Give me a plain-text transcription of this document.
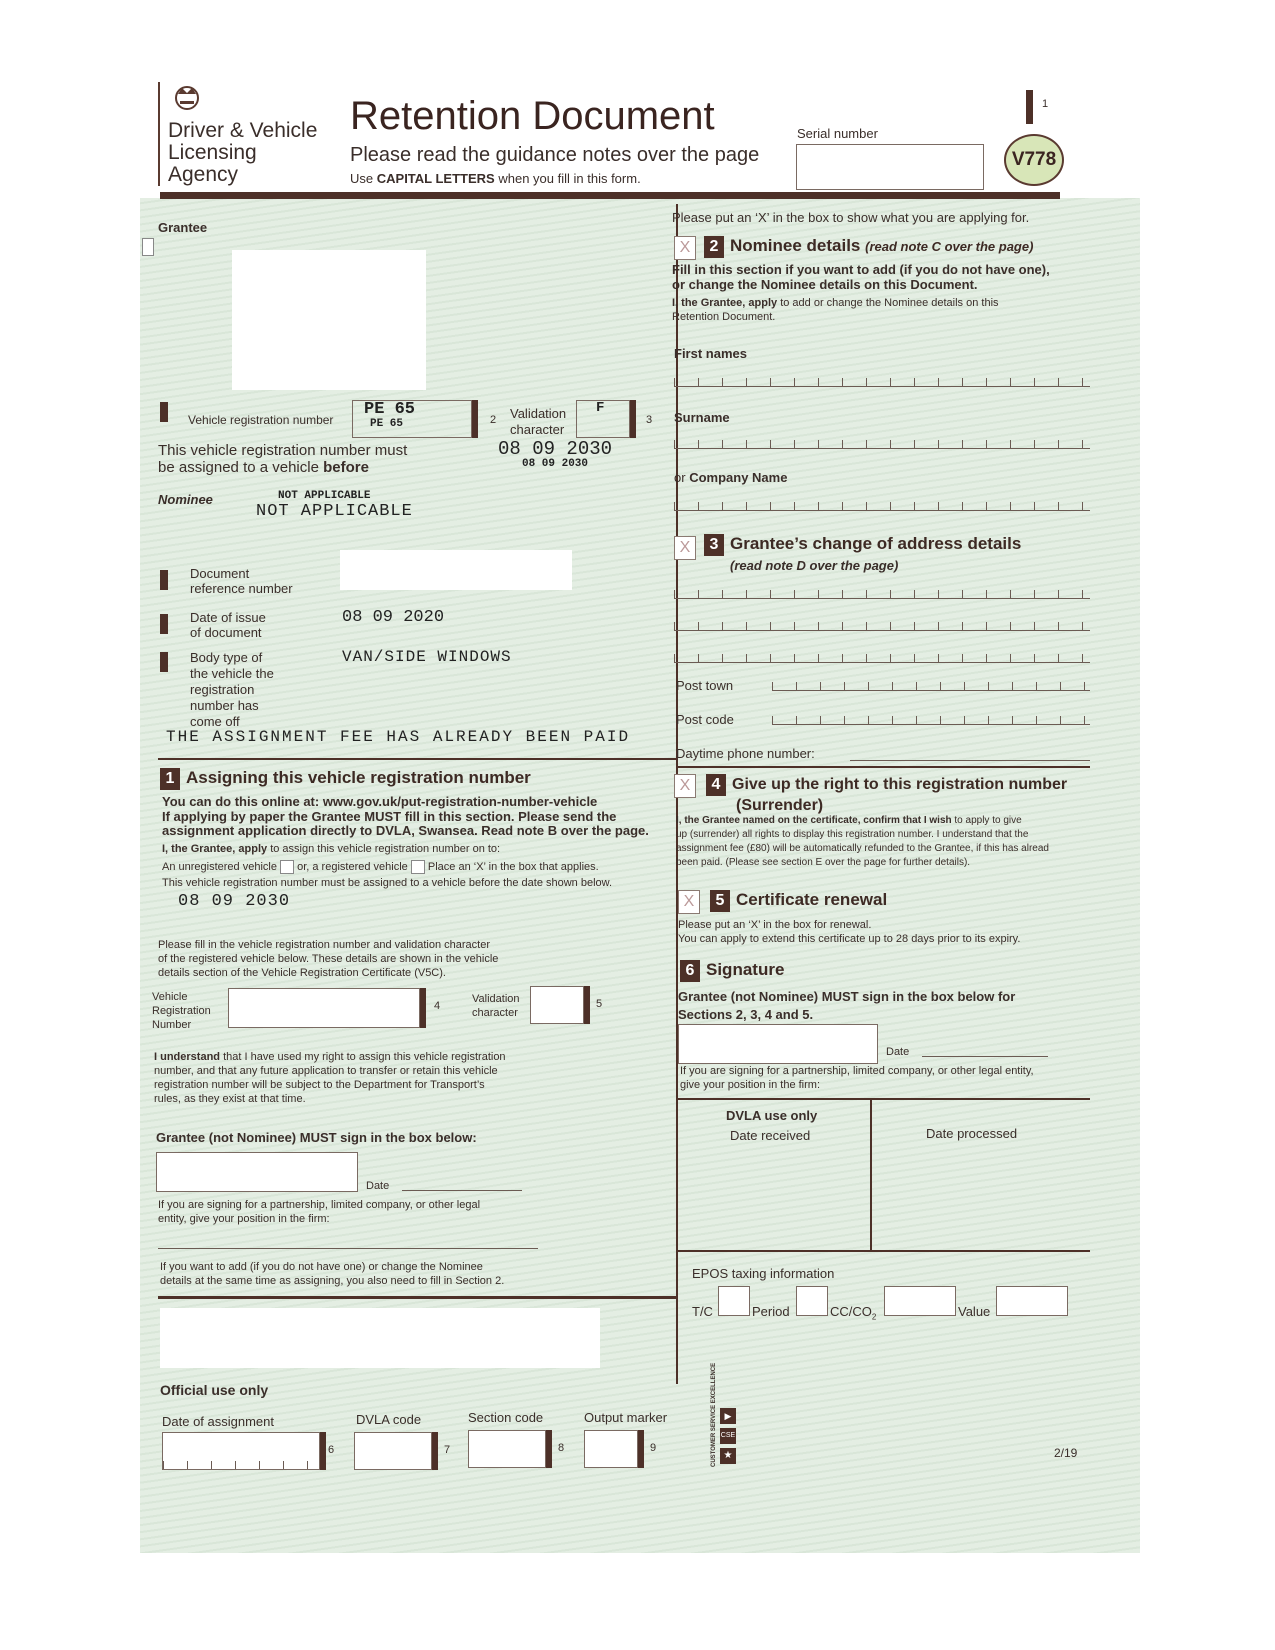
Driver & Vehicle
Licensing
Agency
Retention Document
Please read the guidance notes over the page
Use CAPITAL LETTERS when you fill in this form.
Serial number
1
V778
Grantee
Vehicle registration number
PE 65
PE 65	2 Validation
character
F
3
This vehicle registration number must
be assigned to a vehicle before
08 09 2030
08 09 2030
Nominee	NOT APPLICABLE
NOT APPLICABLE
Document
reference number
Date of issue
of document
08 09 2020
Body type of
the vehicle the
registration
number has
come off
VAN/SIDE WINDOWS
THE ASSIGNMENT FEE HAS ALREADY BEEN PAID
1 Assigning this vehicle registration number
You can do this online at: www.gov.uk/put-registration-number-vehicle
If applying by paper the Grantee MUST fill in this section. Please send the
assignment application directly to DVLA, Swansea. Read note B over the page.
I, the Grantee, apply to assign this vehicle registration number on to:
An unregistered vehicle or, a registered vehicle Place an ‘X’ in the box that applies.
This vehicle registration number must be assigned to a vehicle before the date shown below.
08 09 2030
Please fill in the vehicle registration number and validation character
of the registered vehicle below. These details are shown in the vehicle
details section of the Vehicle Registration Certificate (V5C).
Vehicle
Registration
Number
4
Validation
character
5
I understand that I have used my right to assign this vehicle registration
number, and that any future application to transfer or retain this vehicle
registration number will be subject to the Department for Transport’s
rules, as they exist at that time.
Grantee (not Nominee) MUST sign in the box below:
Date
If you are signing for a partnership, limited company, or other legal
entity, give your position in the firm:
If you want to add (if you do not have one) or change the Nominee
details at the same time as assigning, you also need to fill in Section 2.
Official use only
Date of assignment
6
DVLA code
7
Section code
8
Output marker
9	CUSTOMER SERVICE EXCELLENCE ▶
CSE
★	2/19
Please put an ‘X’ in the box to show what you are applying for.
X	2 Nominee details (read note C over the page)
Fill in this section if you want to add (if you do not have one),
or change the Nominee details on this Document.
I, the Grantee, apply to add or change the Nominee details on this
Retention Document.
First names
Surname
or Company Name
X	3 Grantee’s change of address details
(read note D over the page)
Post town
Post code
Daytime phone number:
X	4 Give up the right to this registration number
(Surrender)
I, the Grantee named on the certificate, confirm that I wish to apply to give
up (surrender) all rights to display this registration number. I understand that the
assignment fee (£80) will be automatically refunded to the Grantee, if this has alread
been paid. (Please see section E over the page for further details).
X	5 Certificate renewal
Please put an ‘X’ in the box for renewal.
You can apply to extend this certificate up to 28 days prior to its expiry.
6 Signature
Grantee (not Nominee) MUST sign in the box below for
Sections 2, 3, 4 and 5.
Date
If you are signing for a partnership, limited company, or other legal entity,
give your position in the firm:
DVLA use only
Date received	Date processed
EPOS taxing information
T/C	Period	$CC/CO_2$	Value
